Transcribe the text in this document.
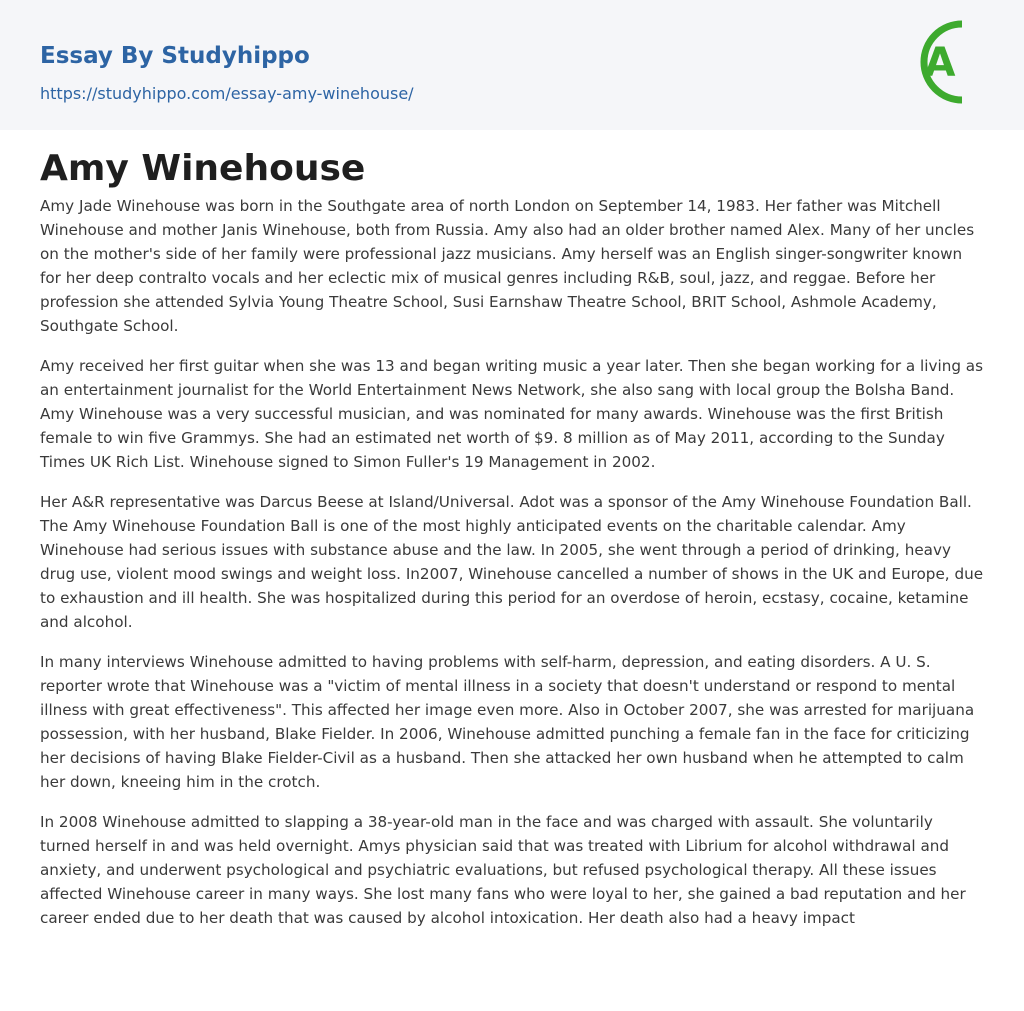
Essay By Studyhippo
https://studyhippo.com/essay-amy-winehouse/
A
Amy Winehouse

Amy Jade Winehouse was born in the Southgate area of north London on September 14, 1983. Her father was Mitchell Winehouse and mother Janis Winehouse, both from Russia. Amy also had an older brother named Alex. Many of her uncles on the mother's side of her family were professional jazz musicians. Amy herself was an English singer-songwriter known for her deep contralto vocals and her eclectic mix of musical genres including R&B, soul, jazz, and reggae. Before her profession she attended Sylvia Young Theatre School, Susi Earnshaw Theatre School, BRIT School, Ashmole Academy, Southgate School.

Amy received her first guitar when she was 13 and began writing music a year later. Then she began working for a living as an entertainment journalist for the World Entertainment News Network, she also sang with local group the Bolsha Band. Amy Winehouse was a very successful musician, and was nominated for many awards. Winehouse was the first British female to win five Grammys. She had an estimated net worth of $9. 8 million as of May 2011, according to the Sunday Times UK Rich List. Winehouse signed to Simon Fuller's 19 Management in 2002.

Her A&R representative was Darcus Beese at Island/Universal. Adot was a sponsor of the Amy Winehouse Foundation Ball. The Amy Winehouse Foundation Ball is one of the most highly anticipated events on the charitable calendar. Amy Winehouse had serious issues with substance abuse and the law. In 2005, she went through a period of drinking, heavy drug use, violent mood swings and weight loss. In2007, Winehouse cancelled a number of shows in the UK and Europe, due to exhaustion and ill health. She was hospitalized during this period for an overdose of heroin, ecstasy, cocaine, ketamine and alcohol.

In many interviews Winehouse admitted to having problems with self-harm, depression, and eating disorders. A U. S. reporter wrote that Winehouse was a "victim of mental illness in a society that doesn't understand or respond to mental illness with great effectiveness". This affected her image even more. Also in October 2007, she was arrested for marijuana possession, with her husband, Blake Fielder. In 2006, Winehouse admitted punching a female fan in the face for criticizing her decisions of having Blake Fielder-Civil as a husband. Then she attacked her own husband when he attempted to calm her down, kneeing him in the crotch.

In 2008 Winehouse admitted to slapping a 38-year-old man in the face and was charged with assault. She voluntarily turned herself in and was held overnight. Amys physician said that was treated with Librium for alcohol withdrawal and anxiety, and underwent psychological and psychiatric evaluations, but refused psychological therapy. All these issues affected Winehouse career in many ways. She lost many fans who were loyal to her, she gained a bad reputation and her career ended due to her death that was caused by alcohol intoxication. Her death also had a heavy impact
